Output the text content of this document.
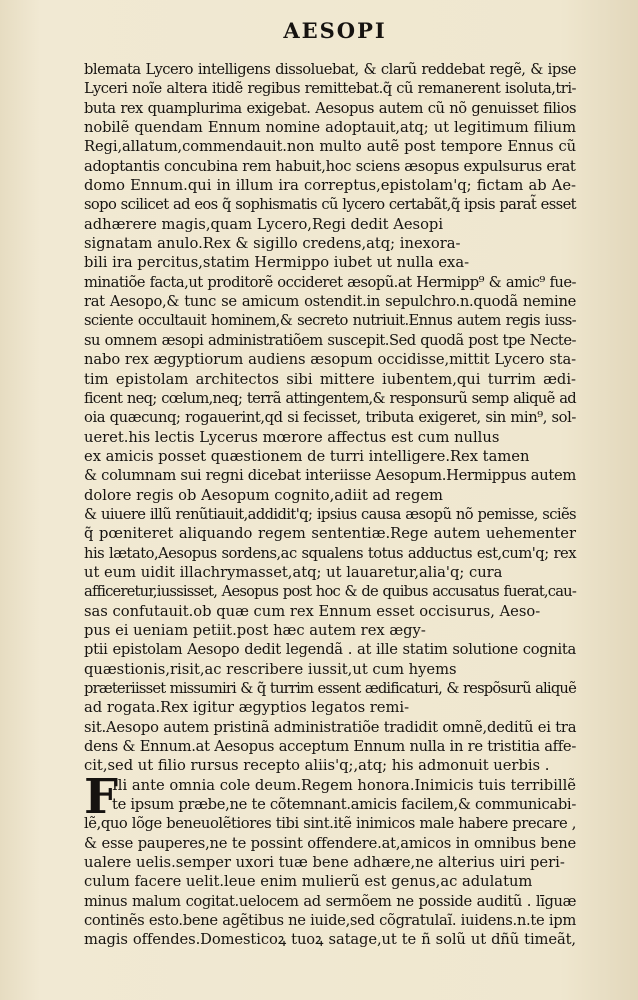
AESOPI
F
blemata Lycero intelligens dissoluebat, & clarũ reddebat regẽ, & ipse
Lyceri noĩe altera itidẽ regibus remittebat.q̃ cũ remanerent isoluta,tri-
buta rex quamplurima exigebat. Aesopus autem cũ nõ genuisset filios
nobilẽ quendam Ennum nomine adoptauit,atq; ut legitimum filium
Regi,allatum,commendauit.non multo autẽ post tempore Ennus cũ
adoptantis concubina rem habuit,hoc sciens æsopus expulsurus erat
domo Ennum.qui in illum ira correptus,epistolam'q; fictam ab Ae-
sopo scilicet ad eos q̃ sophismatis cũ lycero certabãt,q̃ ipsis parat̃ esset
adhærere magis,quam Lycero,Regi dedit Aesopi
signatam anulo.Rex & sigillo credens,atq; inexora-
bili ira percitus,statim Hermippo iubet ut nulla exa-
minatiõe facta,ut proditorẽ occideret æsopũ.at Hermipp⁹ & amic⁹ fue-
rat Aesopo,& tunc se amicum ostendit.in sepulchro.n.quodã nemine
sciente occultauit hominem,& secreto nutriuit.Ennus autem regis iuss-
su omnem æsopi administratiõem suscepit.Sed quodã post tpe Necte-
nabo rex ægyptiorum audiens æsopum occidisse,mittit Lycero sta-
tim epistolam architectos sibi mittere iubentem,qui turrim ædi-
ficent neq; cœlum,neq; terrã attingentem,& responsurũ semp aliquẽ ad
oia quæcunq; rogauerint,qd si fecisset, tributa exigeret, sin min⁹, sol-
ueret.his lectis Lycerus mœrore affectus est cum nullus
ex amicis posset quæstionem de turri intelligere.Rex tamen
& columnam sui regni dicebat interiisse Aesopum.Hermippus autem
dolore regis ob Aesopum cognito,adiit ad regem
& uiuere illũ renũtiauit,addidit'q; ipsius causa æsopũ nõ pemisse, sciẽs
q̃ pœniteret aliquando regem sententiæ.Rege autem uehementer
his lætato,Aesopus sordens,ac squalens totus adductus est,cum'q; rex
ut eum uidit illachrymasset,atq; ut lauaretur,alia'q; cura
afficeretur,iussisset, Aesopus post hoc & de quibus accusatus fuerat,cau-
sas confutauit.ob quæ cum rex Ennum esset occisurus, Aeso-
pus ei ueniam petiit.post hæc autem rex ægy-
ptii epistolam Aesopo dedit legendã . at ille statim solutione cognita
quæstionis,risit,ac rescribere iussit,ut cum hyems
præteriisset missumiri & q̃ turrim essent ædificaturi, & respõsurũ aliquẽ
ad rogata.Rex igitur ægyptios legatos remi-
sit.Aesopo autem pristinã administratiõe tradidit omnẽ,deditũ ei tra
dens & Ennum.at Aesopus acceptum Ennum nulla in re tristitia affe-
cit,sed ut filio rursus recepto aliis'q;,atq; his admonuit uerbis .
Ili ante omnia cole deum.Regem honora.Inimicis tuis terribillẽ
te ipsum præbe,ne te cõtemnant.amicis facilem,& communicabi-
lẽ,quo lõge beneuolẽtiores tibi sint.itẽ inimicos male habere precare ,
& esse pauperes,ne te possint offendere.at,amicos in omnibus bene
ualere uelis.semper uxori tuæ bene adhære,ne alterius uiri peri-
culum facere uelit.leue enim mulierũ est genus,ac adulatum
minus malum cogitat.uelocem ad sermõem ne posside auditũ . līguæ
continẽs esto.bene agẽtibus ne iuide,sed cõgratulaĩ. iuidens.n.te ipm
magis offendes.Domesticoꝝ tuoꝝ satage,ut te ñ solũ ut dñũ timeãt,
